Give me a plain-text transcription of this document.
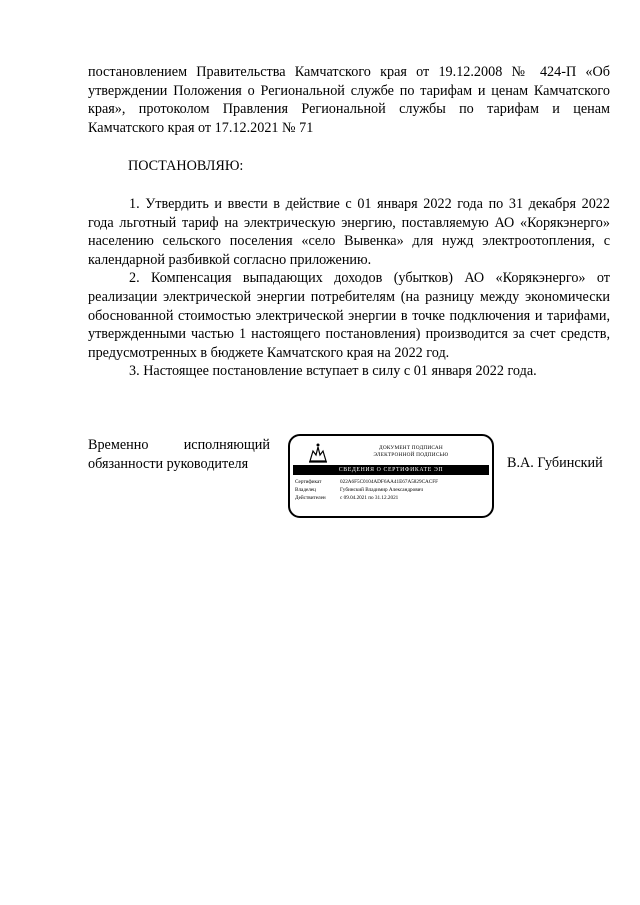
постановлением Правительства Камчатского края от 19.12.2008 № 424-П «Об утверждении Положения о Региональной службе по тарифам и ценам Камчатского края», протоколом Правления Региональной службы по тарифам и ценам Камчатского края от 17.12.2021 № 71

ПОСТАНОВЛЯЮ:

1. Утвердить и ввести в действие с 01 января 2022 года по 31 декабря 2022 года льготный тариф на электрическую энергию, поставляемую АО «Корякэнерго» населению сельского поселения «село Вывенка» для нужд электроотопления, с календарной разбивкой согласно приложению.

2. Компенсация выпадающих доходов (убытков) АО «Корякэнерго» от реализации электрической энергии потребителям (на разницу между экономически обоснованной стоимостью электрической энергии в точке подключения и тарифами, утвержденными частью 1 настоящего постановления) производится за счет средств, предусмотренных в бюджете Камчатского края на 2022 год.

3. Настоящее постановление вступает в силу с 01 января 2022 года.

Временно исполняющий
обязанности руководителя
ДОКУМЕНТ ПОДПИСАН
ЭЛЕКТРОННОЙ ПОДПИСЬЮ
СВЕДЕНИЯ О СЕРТИФИКАТЕ ЭП
Сертификат	022A6F5C0104ADF6AA41E67A5829CACFF
Владелец	Губинский Владимир Александрович
Действителен	с 09.04.2021 по 31.12.2021
В.А. Губинский
